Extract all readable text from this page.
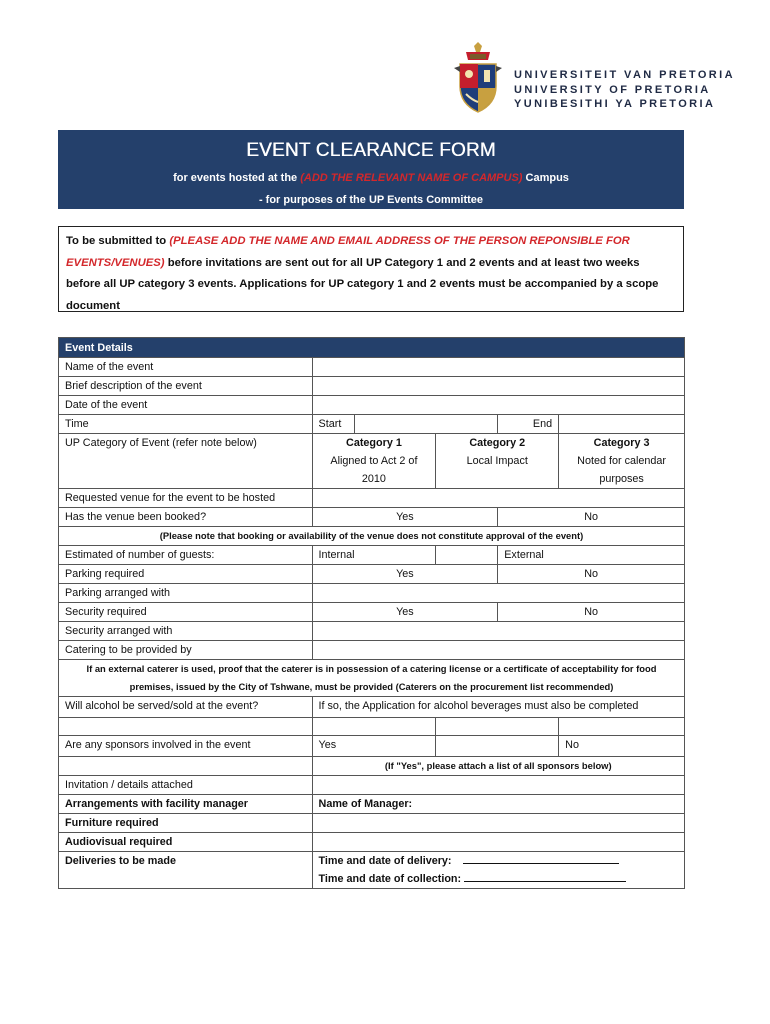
UNIVERSITEIT VAN PRETORIA
UNIVERSITY OF PRETORIA
YUNIBESITHI YA PRETORIA
EVENT CLEARANCE FORM
for events hosted at the (ADD THE RELEVANT NAME OF CAMPUS) Campus
- for purposes of the UP Events Committee
To be submitted to (PLEASE ADD THE NAME AND EMAIL ADDRESS OF THE PERSON REPONSIBLE FOR EVENTS/VENUES) before invitations are sent out for all UP Category 1 and 2 events and at least two weeks before all UP category 3 events. Applications for UP category 1 and 2 events must be accompanied by a scope document
Event Details					
Name of the event					
Brief description of the event					
Date of the event					
Time	Start			End	
UP Category of Event (refer note below)	Category 1		Category 2		Category 3
	Aligned to Act 2 of		Local Impact		Noted for calendar
	2010				purposes
Requested venue for the event to be hosted					
Has the venue been booked?	Yes			No	
(Please note that booking or availability of the venue does not constitute approval of the event)					
Estimated of number of guests:	Internal			External	
Parking required	Yes			No	
Parking arranged with					
Security required	Yes			No	
Security arranged with					
Catering to be provided by					
If an external caterer is used, proof that the caterer is in possession of a catering license or a certificate of acceptability for food					
premises, issued by the City of Tshwane, must be provided (Caterers on the procurement list recommended)					
Will alcohol be served/sold at the event?	If so, the Application for alcohol beverages must also be completed				

Are any sponsors involved in the event	Yes				No
	(If "Yes", please attach a list of all sponsors below)				
Invitation / details attached					
Arrangements with facility manager	Name of Manager:				
Furniture required					
Audiovisual required					
Deliveries to be made	Time and date of delivery:				
	Time and date of collection:				
